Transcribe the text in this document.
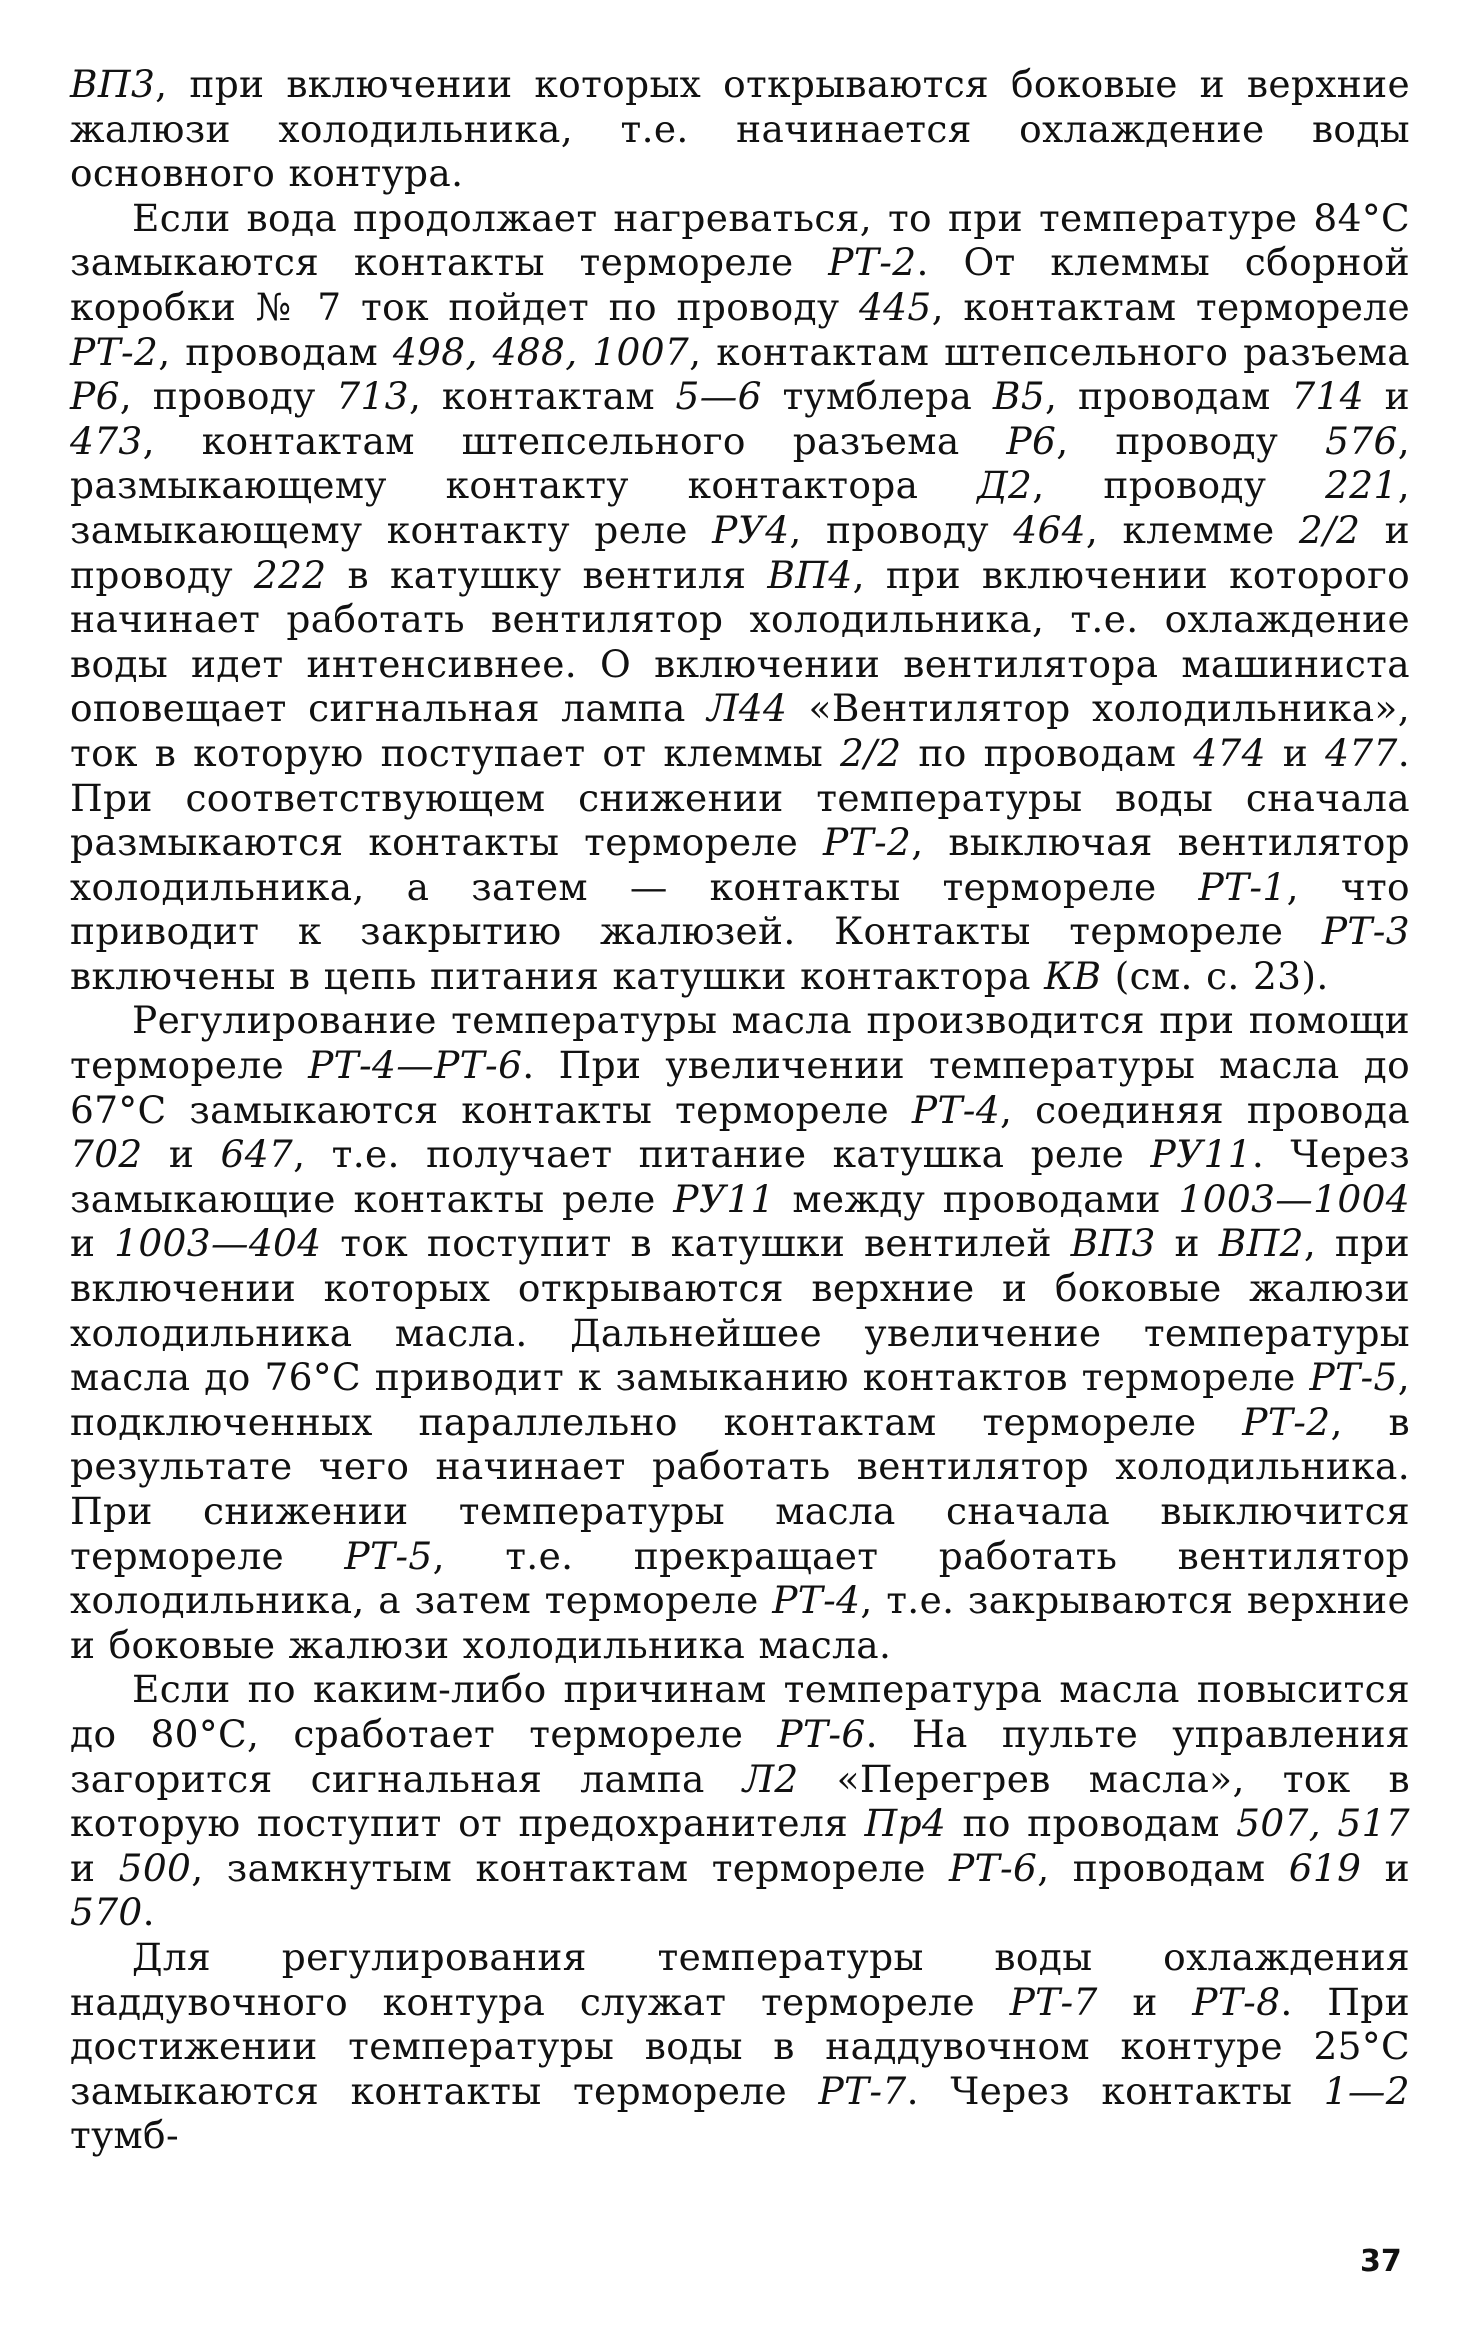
ВП3, при включении которых открываются боковые и верхние жалюзи холодильника, т.е. начинается охлаждение воды основного контура.

Если вода продолжает нагреваться, то при температуре 84°С замыкаются контакты термореле РТ-2. От клеммы сборной коробки № 7 ток пойдет по проводу 445, контактам термореле РТ-2, проводам 498, 488, 1007, контактам штепсельного разъема Р6, проводу 713, контактам 5—6 тумблера В5, проводам 714 и 473, контактам штепсельного разъема Р6, проводу 576, размыкающему контакту контактора Д2, проводу 221, замыкающему контакту реле РУ4, проводу 464, клемме 2/2 и проводу 222 в катушку вентиля ВП4, при включении которого начинает работать вентилятор холодильника, т.е. охлаждение воды идет интенсивнее. О включении вентилятора машиниста оповещает сигнальная лампа Л44 «Вентилятор холодильника», ток в которую поступает от клеммы 2/2 по проводам 474 и 477. При соответствующем снижении температуры воды сначала размыкаются контакты термореле РТ-2, выключая вентилятор холодильника, а затем — контакты термореле РТ-1, что приводит к закрытию жалюзей. Контакты термореле РТ-3 включены в цепь питания катушки контактора КВ (см. с. 23).

Регулирование температуры масла производится при помощи термореле РТ-4—РТ-6. При увеличении температуры масла до 67°С замыкаются контакты термореле РТ-4, соединяя провода 702 и 647, т.е. получает питание катушка реле РУ11. Через замыкающие контакты реле РУ11 между проводами 1003—1004 и 1003—404 ток поступит в катушки вентилей ВП3 и ВП2, при включении которых открываются верхние и боковые жалюзи холодильника масла. Дальнейшее увеличение температуры масла до 76°С приводит к замыканию контактов термореле РТ-5, подключенных параллельно контактам термореле РТ-2, в результате чего начинает работать вентилятор холодильника. При снижении температуры масла сначала выключится термореле РТ-5, т.е. прекращает работать вентилятор холодильника, а затем термореле РТ-4, т.е. закрываются верхние и боковые жалюзи холодильника масла.

Если по каким-либо причинам температура масла повысится до 80°С, сработает термореле РТ-6. На пульте управления загорится сигнальная лампа Л2 «Перегрев масла», ток в которую поступит от предохранителя Пр4 по проводам 507, 517 и 500, замкнутым контактам термореле РТ-6, проводам 619 и 570.

Для регулирования температуры воды охлаждения наддувочного контура служат термореле РТ-7 и РТ-8. При достижении температуры воды в наддувочном контуре 25°С замыкаются контакты термореле РТ-7. Через контакты 1—2 тумб-

37
